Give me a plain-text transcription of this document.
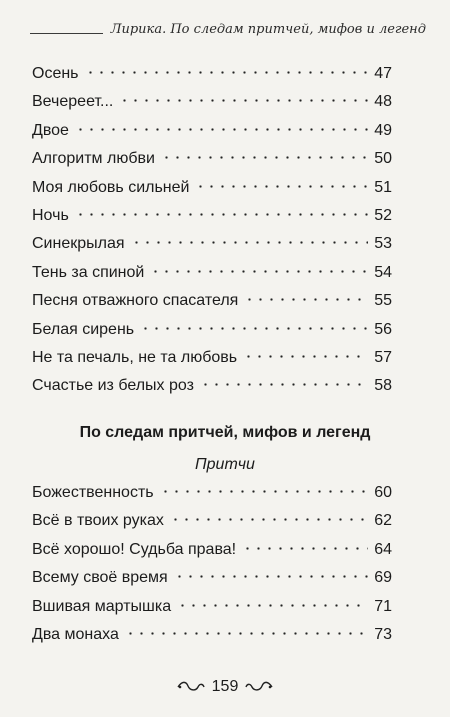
Лирика. По следам притчей, мифов и легенд
Осень	47
Вечереет...	48
Двое	49
Алгоритм любви	50
Моя любовь сильней	51
Ночь	52
Синекрылая	53
Тень за спиной	54
Песня отважного спасателя	55
Белая сирень	56
Не та печаль, не та любовь	57
Счастье из белых роз	58
По следам притчей, мифов и легенд
Притчи
Божественность	60
Всё в твоих руках	62
Всё хорошо! Судьба права!	64
Всему своё время	69
Вшивая мартышка	71
Два монаха	73
159
